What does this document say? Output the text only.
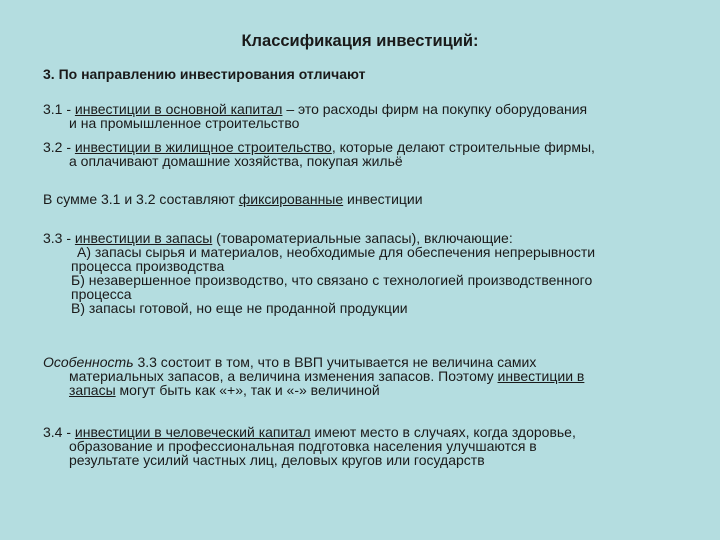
Классификация инвестиций:
3. По направлению инвестирования отличают
3.1 - инвестиции в основной капитал – это расходы фирм на покупку оборудования
и на промышленное строительство
3.2 - инвестиции в жилищное строительство, которые делают строительные фирмы,
а оплачивают домашние хозяйства, покупая жильё
В сумме 3.1 и 3.2 составляют фиксированные инвестиции
3.3 - инвестиции в запасы (товароматериальные запасы), включающие:
А) запасы сырья и материалов, необходимые для обеспечения непрерывности
процесса производства
Б) незавершенное производство, что связано с технологией производственного
процесса
В) запасы готовой, но еще не проданной продукции
Особенность 3.3 состоит в том, что в ВВП учитывается не величина самих
материальных запасов, а величина изменения запасов. Поэтому инвестиции в
запасы могут быть как «+», так и «-» величиной
3.4 - инвестиции в человеческий капитал имеют место в случаях, когда здоровье,
образование и профессиональная подготовка населения улучшаются в
результате усилий частных лиц, деловых кругов или государств
